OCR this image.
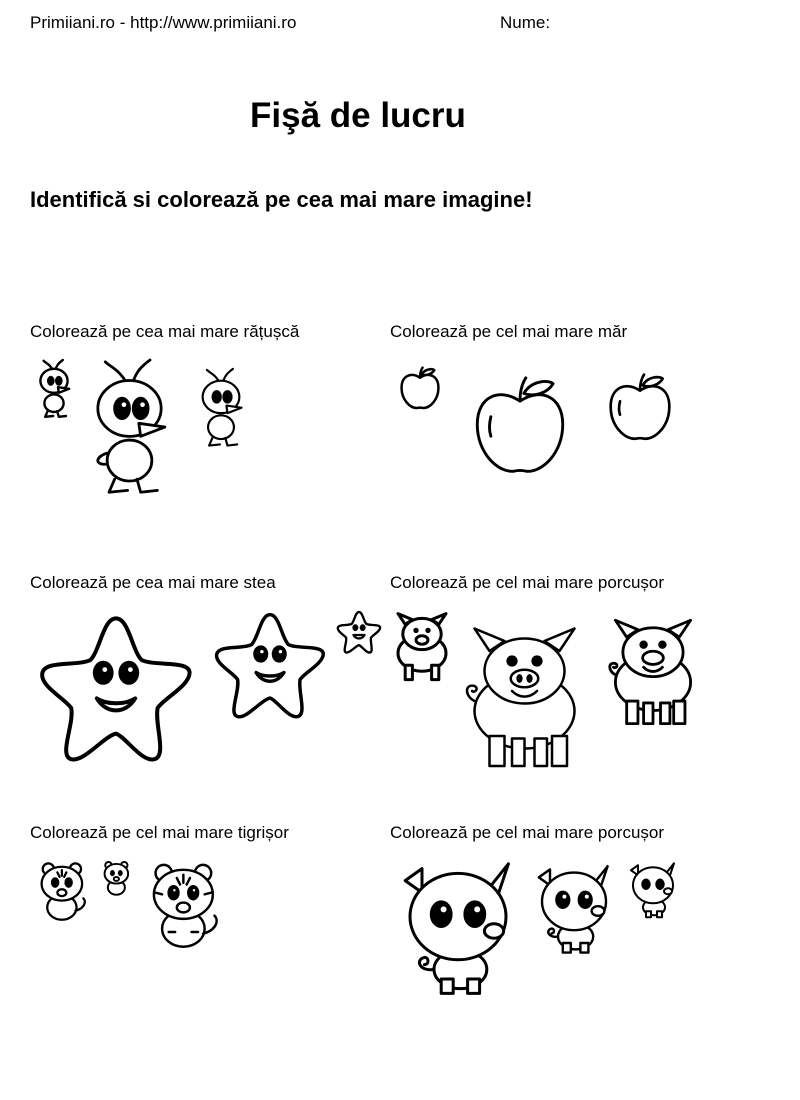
Primiiani.ro - http://www.primiiani.ro	Nume:
Fişă de lucru
Identifică si colorează pe cea mai mare imagine!
Colorează pe cea mai mare rățușcă	Colorează pe cel mai mare măr
Colorează pe cea mai mare stea	Colorează pe cel mai mare porcușor
Colorează pe cel mai mare tigrișor	Colorează pe cel mai mare porcușor
